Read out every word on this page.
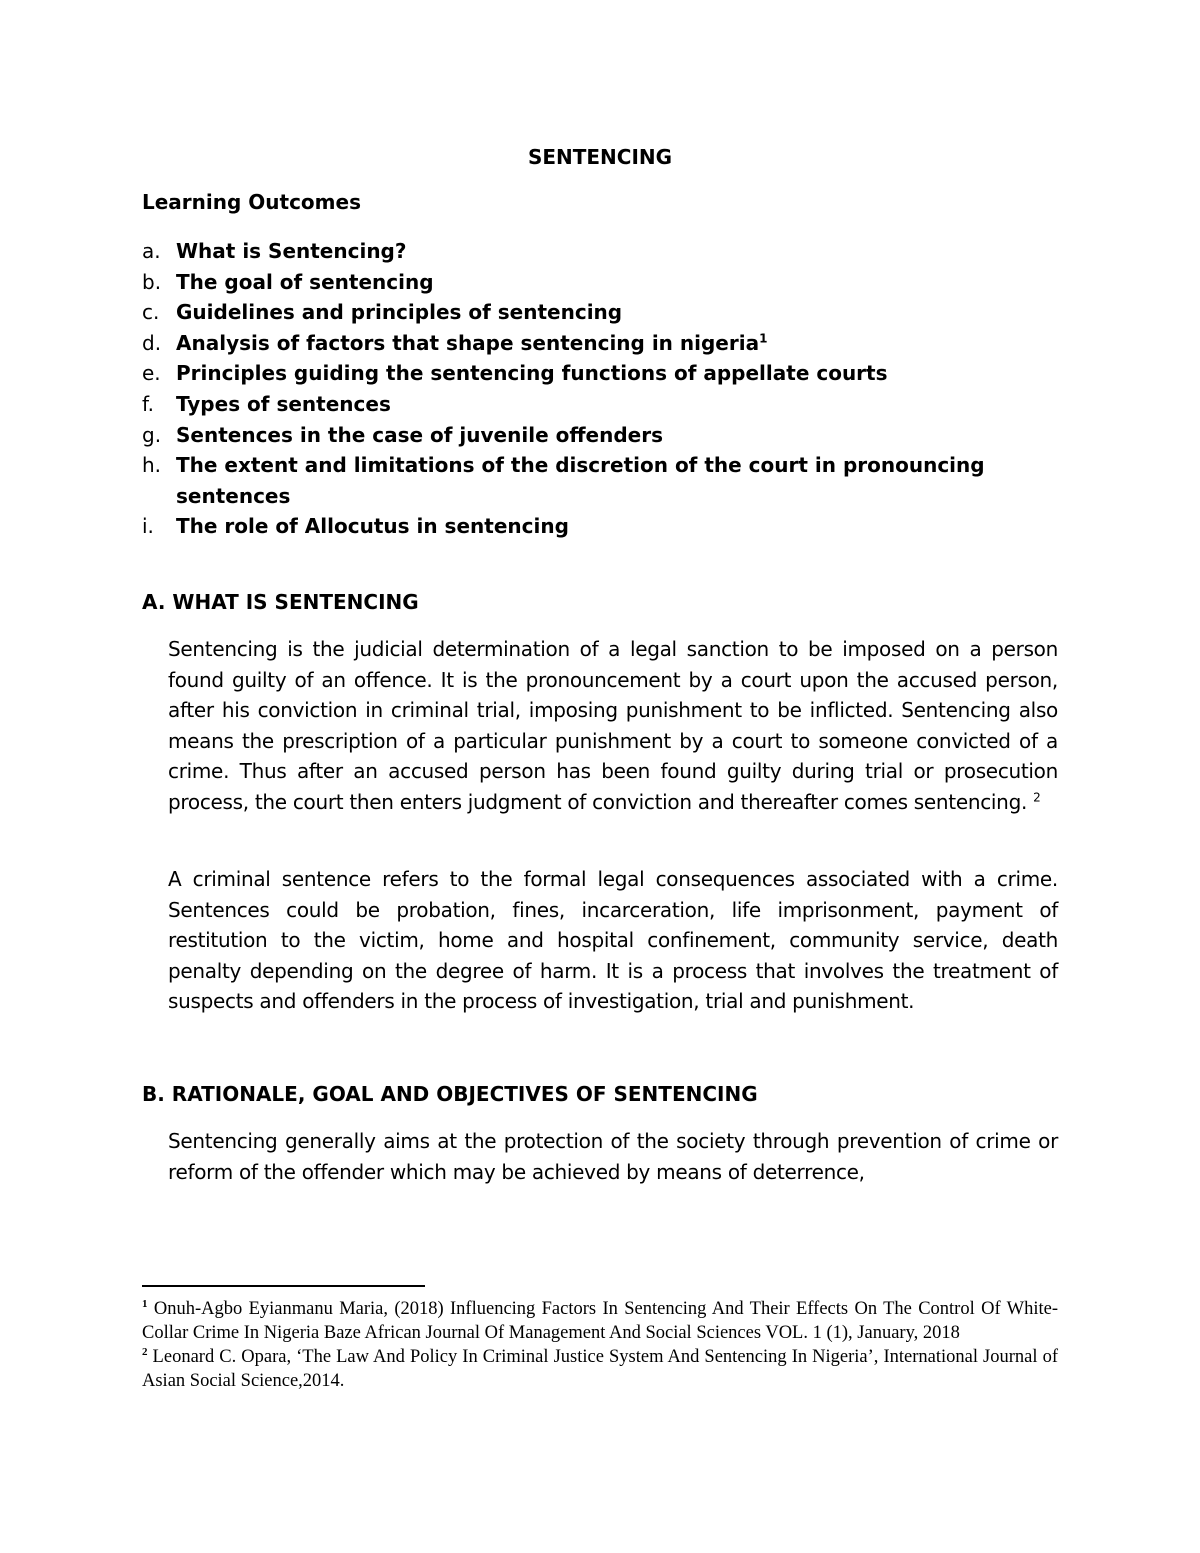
SENTENCING
Learning Outcomes
a. What is Sentencing?
b. The goal of sentencing
c. Guidelines and principles of sentencing
d. Analysis of factors that shape sentencing in nigeria$^1$
e. Principles guiding the sentencing functions of appellate courts
f.	Types of sentences
g. Sentences in the case of juvenile offenders
h. The extent and limitations of the discretion of the court in pronouncing sentences
i.	The role of Allocutus in sentencing
A. WHAT IS SENTENCING

Sentencing is the judicial determination of a legal sanction to be imposed on a person found guilty of an offence. It is the pronouncement by a court upon the accused person, after his conviction in criminal trial, imposing punishment to be inflicted. Sentencing also means the prescription of a particular punishment by a court to someone convicted of a crime. Thus after an accused person has been found guilty during trial or prosecution process, the court then enters judgment of conviction and thereafter comes sentencing. $^2$

A criminal sentence refers to the formal legal consequences associated with a crime. Sentences could be probation, fines, incarceration, life imprisonment, payment of restitution to the victim, home and hospital confinement, community service, death penalty depending on the degree of harm. It is a process that involves the treatment of suspects and offenders in the process of investigation, trial and punishment.

B. RATIONALE, GOAL AND OBJECTIVES OF SENTENCING

Sentencing generally aims at the protection of the society through prevention of crime or reform of the offender which may be achieved by means of deterrence,

$^1$ Onuh-Agbo Eyianmanu Maria, (2018) Influencing Factors In Sentencing And Their Effects On The Control Of White-Collar Crime In Nigeria Baze African Journal Of Management And Social Sciences VOL. 1 (1), January, 2018

$^2$ Leonard C. Opara, ‘The Law And Policy In Criminal Justice System And Sentencing In Nigeria’, International Journal of Asian Social Science,2014.
